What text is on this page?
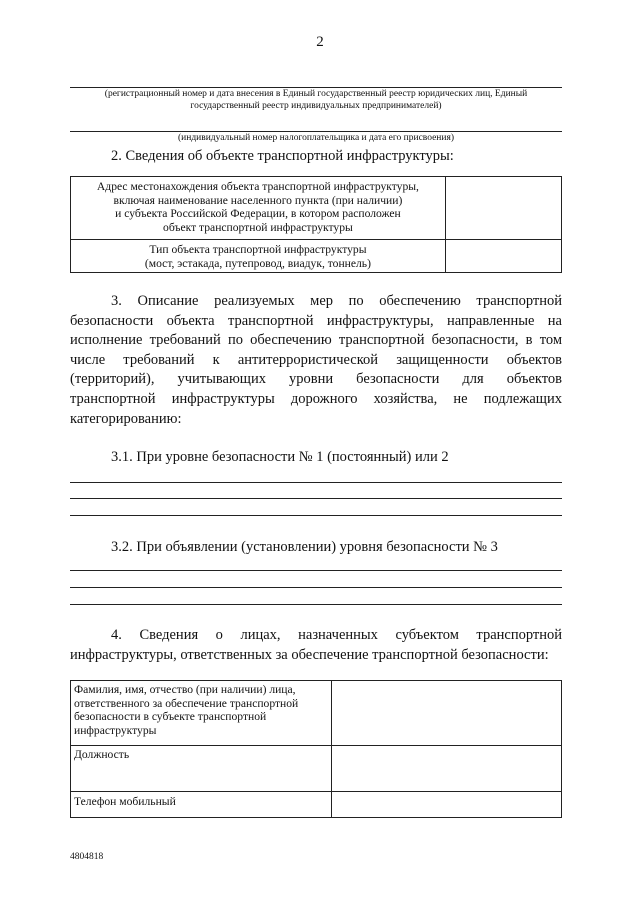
2
(регистрационный номер и дата внесения в Единый государственный реестр юридических лиц, Единый
государственный реестр индивидуальных предпринимателей)
(индивидуальный номер налогоплательщика и дата его присвоения)
2. Сведения об объекте транспортной инфраструктуры:
Адрес местонахождения объекта транспортной инфраструктуры,
включая наименование населенного пункта (при наличии)
и субъекта Российской Федерации, в котором расположен
объект транспортной инфраструктуры	

Тип объекта транспортной инфраструктуры
(мост, эстакада, путепровод, виадук, тоннель)	

3. Описание реализуемых мер по обеспечению транспортной
безопасности объекта транспортной инфраструктуры, направленные на
исполнение требований по обеспечению транспортной безопасности, в том
числе требований к антитеррористической защищенности объектов
(территорий), учитывающих уровни безопасности для объектов
транспортной инфраструктуры дорожного хозяйства, не подлежащих
категорированию:
3.1. При уровне безопасности № 1 (постоянный) или 2
3.2. При объявлении (установлении) уровня безопасности № 3
4. Сведения о лицах, назначенных субъектом транспортной
инфраструктуры, ответственных за обеспечение транспортной безопасности:
Фамилия, имя, отчество (при наличии) лица,
ответственного за обеспечение транспортной
безопасности в субъекте транспортной
инфраструктуры	

Должность	

Телефон мобильный	

4804818
